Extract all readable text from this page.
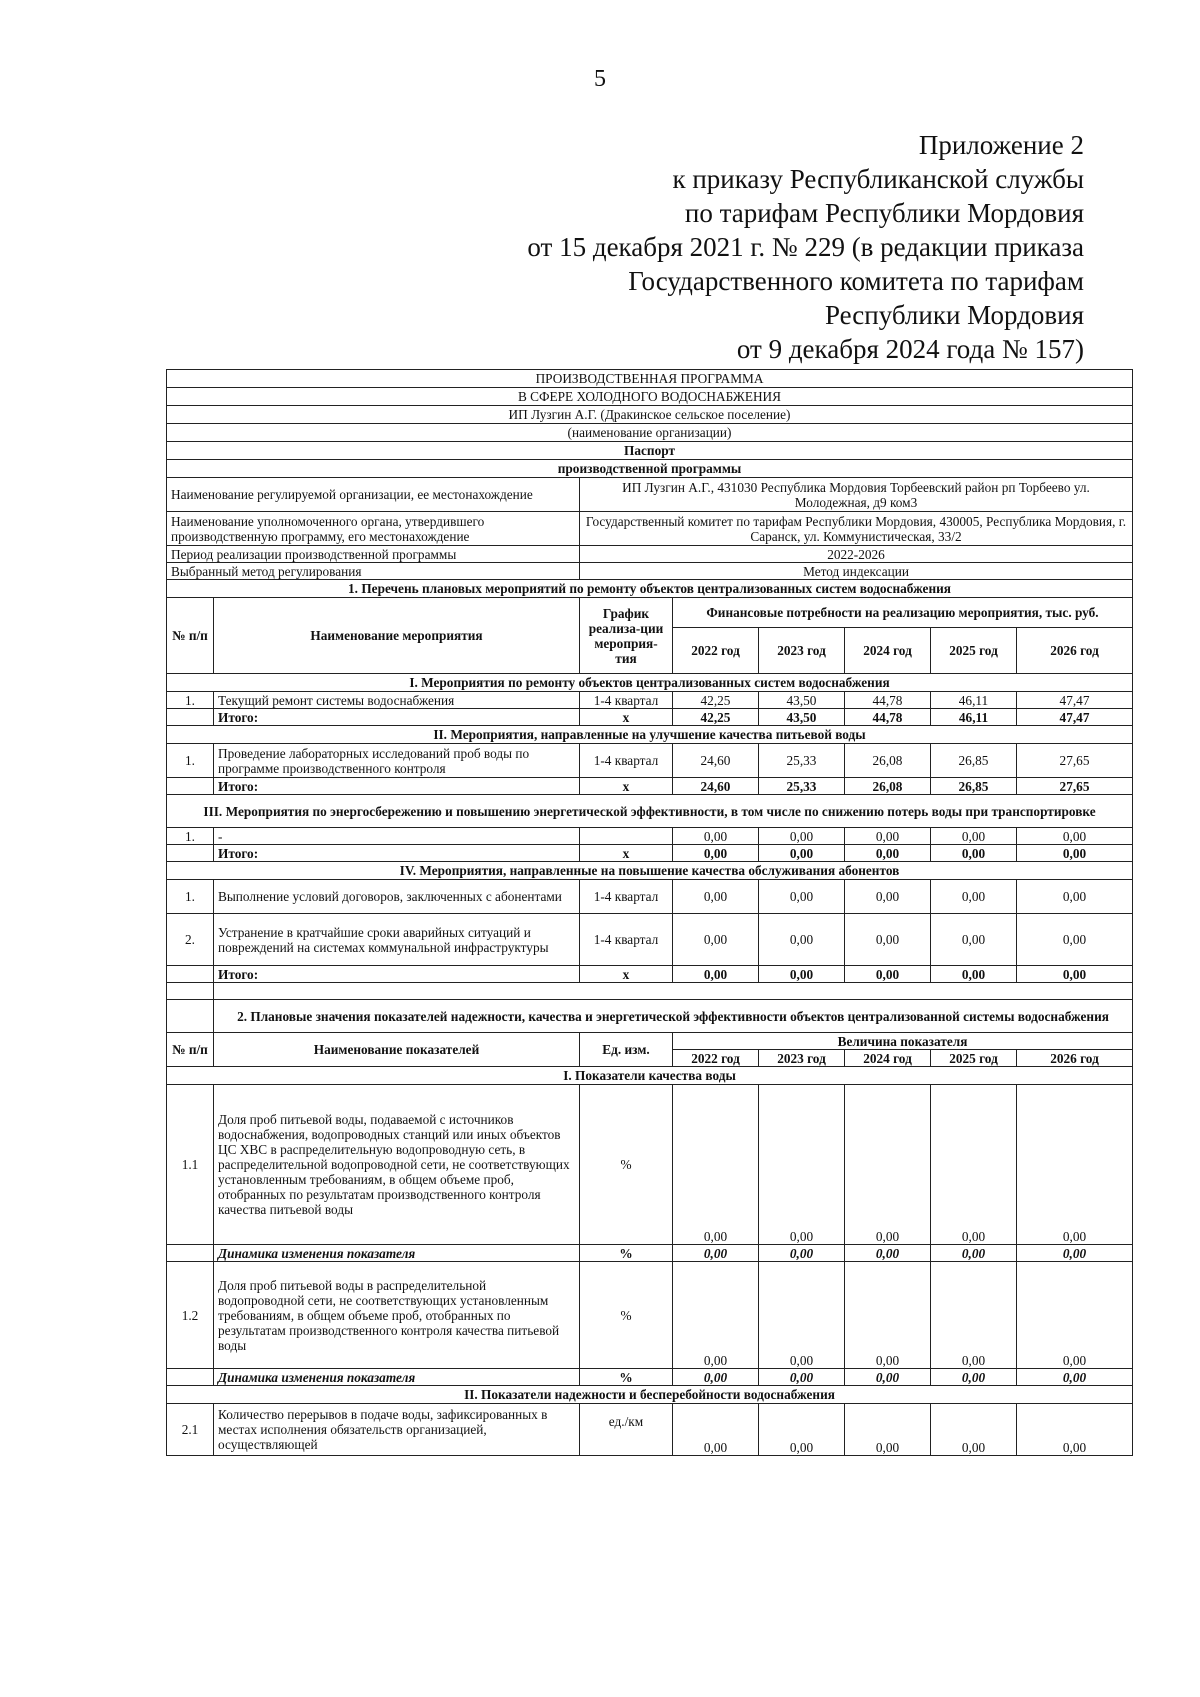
5
Приложение 2
к приказу Республиканской службы
по тарифам Республики Мордовия
от 15 декабря 2021 г. № 229 (в редакции приказа
Государственного комитета по тарифам
Республики Мордовия
от 9 декабря 2024 года № 157)
ПРОИЗВОДСТВЕННАЯ ПРОГРАММА							
В СФЕРЕ ХОЛОДНОГО ВОДОСНАБЖЕНИЯ							
ИП Лузгин А.Г. (Дракинское сельское поселение)							
(наименование организации)							
Паспорт							
производственной программы							
Наименование регулируемой организации, ее местонахождение		ИП Лузгин А.Г., 431030 Республика Мордовия Торбеевский район рп Торбеево ул. Молодежная, д9 ком3					
Наименование уполномоченного органа, утвердившего производственную программу, его местонахождение		Государственный комитет по тарифам Республики Мордовия, 430005, Республика Мордовия, г. Саранск, ул. Коммунистическая, 33/2					
Период реализации производственной программы		2022-2026					
Выбранный метод регулирования		Метод индексации					
1. Перечень плановых мероприятий по ремонту объектов централизованных систем водоснабжения							
№ п/п	Наименование мероприятия	График реализа-ции мероприя-тия	Финансовые потребности на реализацию мероприятия, тыс. руб.				
			2022 год	2023 год	2024 год	2025 год	2026 год
I. Мероприятия по ремонту объектов централизованных систем водоснабжения							
1.	Текущий ремонт системы водоснабжения	1-4 квартал	42,25	43,50	44,78	46,11	47,47
	Итого:	х	42,25	43,50	44,78	46,11	47,47
II. Мероприятия, направленные на улучшение качества питьевой воды							
1.	Проведение лабораторных исследований проб воды по программе производственного контроля	1-4 квартал	24,60	25,33	26,08	26,85	27,65
	Итого:	х	24,60	25,33	26,08	26,85	27,65
III. Мероприятия по энергосбережению и повышению энергетической эффективности, в том числе по снижению потерь воды при транспортировке							
1.	-		0,00	0,00	0,00	0,00	0,00
	Итого:	х	0,00	0,00	0,00	0,00	0,00
IV. Мероприятия, направленные на повышение качества обслуживания абонентов							
1.	Выполнение условий договоров, заключенных с абонентами	1-4 квартал	0,00	0,00	0,00	0,00	0,00
2.	Устранение в кратчайшие сроки аварийных ситуаций и повреждений на системах коммунальной инфраструктуры	1-4 квартал	0,00	0,00	0,00	0,00	0,00
	Итого:	х	0,00	0,00	0,00	0,00	0,00

	2. Плановые значения показателей надежности, качества и энергетической эффективности объектов централизованной системы водоснабжения						
№ п/п	Наименование показателей	Ед. изм.	Величина показателя				
			2022 год	2023 год	2024 год	2025 год	2026 год
I. Показатели качества воды							
1.1	Доля проб питьевой воды, подаваемой с источников водоснабжения, водопроводных станций или иных объектов ЦС ХВС в распределительную водопроводную сеть, в распределительной водопроводной сети, не соответствующих установленным требованиям, в общем объеме проб, отобранных по результатам производственного контроля качества питьевой воды	%	0,00	0,00	0,00	0,00	0,00
	Динамика изменения показателя	%	0,00	0,00	0,00	0,00	0,00
1.2	Доля проб питьевой воды в распределительной водопроводной сети, не соответствующих установленным требованиям, в общем объеме проб, отобранных по результатам производственного контроля качества питьевой воды	%	0,00	0,00	0,00	0,00	0,00
	Динамика изменения показателя	%	0,00	0,00	0,00	0,00	0,00
II. Показатели надежности и бесперебойности водоснабжения							
2.1	Количество перерывов в подаче воды, зафиксированных в местах исполнения обязательств организацией, осуществляющей	ед./км	0,00	0,00	0,00	0,00	0,00
